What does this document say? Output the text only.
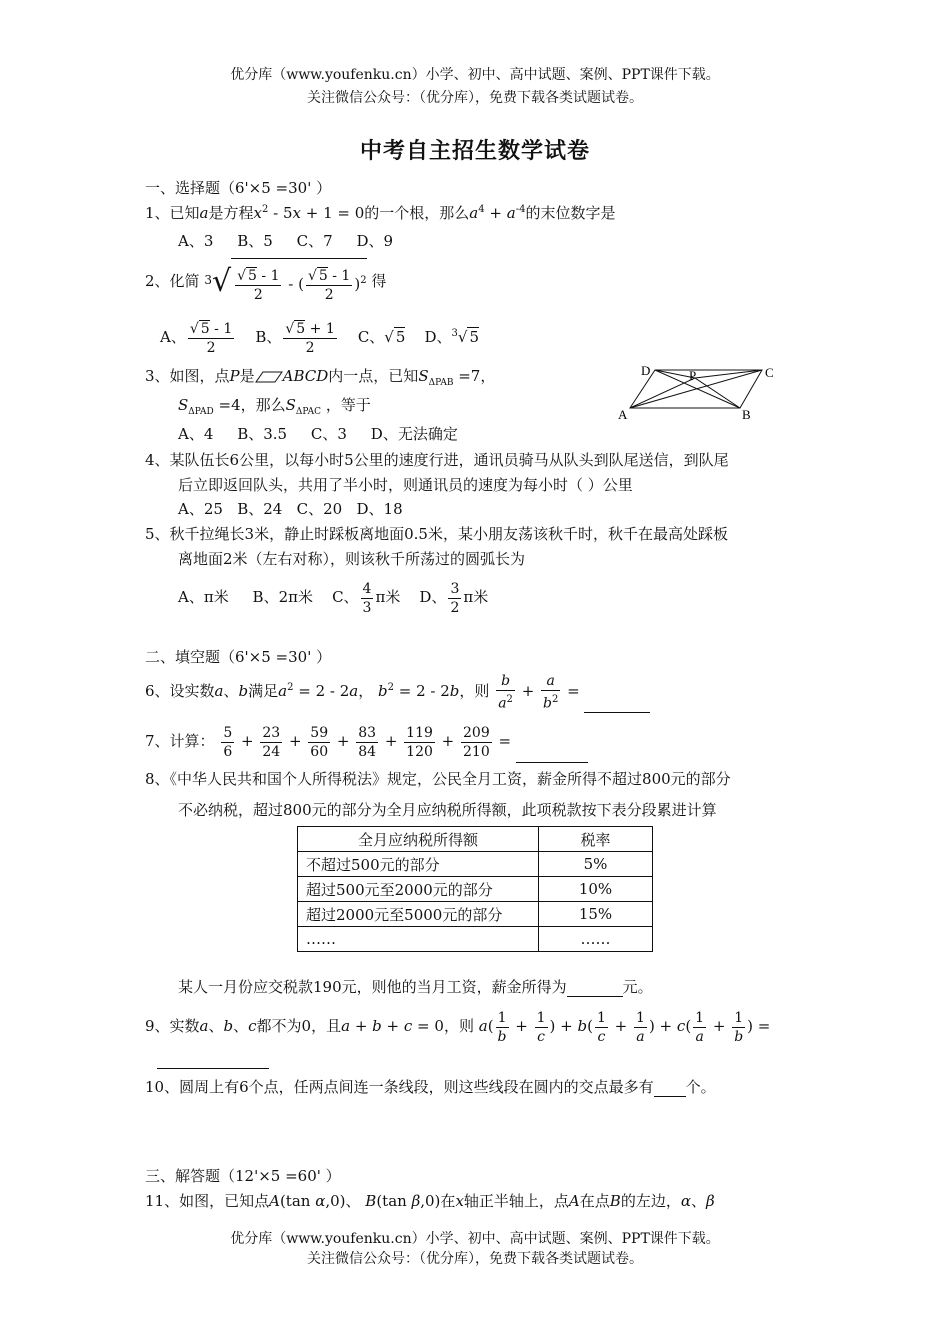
优分库（www.youfenku.cn）小学、初中、高中试题、案例、PPT课件下载。
关注微信公众号：（优分库），免费下载各类试题试卷。
中考自主招生数学试卷
一、选择题（6'×5 =30' ）
1、已知a是方程$x^2 - 5x + 1 = 0$的一个根，那么$a^4 + a^{-4}$的末位数字是
A、3     B、5     C、7     D、9
2、化简 $^3√ \frac{√ 5 - 1}{2}$ - ( $\frac{√ 5 - 1}{2} )^2$ 得
A、 $\frac{√ 5 - 1}{2}$ B、 $\frac{√ 5 + 1}{2}$ C、√ 5 D、$^3$√ 5
3、如图，点P是 ABCD内一点，已知$S_{\Delta PAB} =7$，
$S_{\Delta PAD} =4$，那么$S_{\Delta PAC}$ ，等于
A、4     B、3.5     C、3     D、无法确定
D	P	C
A	B
4、某队伍长6公里，以每小时5公里的速度行进，通讯员骑马从队头到队尾送信，到队尾
后立即返回队头，共用了半小时，则通讯员的速度为每小时（ ）公里
A、25   B、24   C、20   D、18
5、秋千拉绳长3米，静止时踩板离地面0.5米，某小朋友荡该秋千时，秋千在最高处踩板
离地面2米（左右对称），则该秋千所荡过的圆弧长为
A、π米 B、2π米 C、 $\frac{4}{3}$ π米 D、 $\frac{3}{2}$ π米
二、填空题（6'×5 =30' ）
6、设实数a、b满足$a^2 = 2 - 2a$， $b^2 = 2 - 2b$，则 $\frac{b}{a^2} + \frac{a}{b^2}$ =
7、计算： $\frac{5}{6} + \frac{23}{24} + \frac{59}{60} + \frac{83}{84} + \frac{119}{120} + \frac{209}{210}$ =
8、《中华人民共和国个人所得税法》规定，公民全月工资，薪金所得不超过800元的部分
不必纳税，超过800元的部分为全月应纳税所得额，此项税款按下表分段累进计算
全月应纳税所得额	税率
不超过500元的部分	5%
超过500元至2000元的部分	10%
超过2000元至5000元的部分	15%
……	……
某人一月份应交税款190元，则他的当月工资，薪金所得为	元。
9、实数a、b、c都不为0，且a + b + c = 0，则 $a( \frac{1}{b} + \frac{1}{c}$ ) + $b( \frac{1}{c} + \frac{1}{a}$ ) + $c( \frac{1}{a} + \frac{1}{b}$ ) =
10、圆周上有6个点，任两点间连一条线段，则这些线段在圆内的交点最多有 个。
三、解答题（12'×5 =60' ）
11、如图，已知点A(tan α,0)、 B(tan β,0)在x轴正半轴上，点A在点B的左边，α、β
优分库（www.youfenku.cn）小学、初中、高中试题、案例、PPT课件下载。
关注微信公众号：（优分库），免费下载各类试题试卷。
